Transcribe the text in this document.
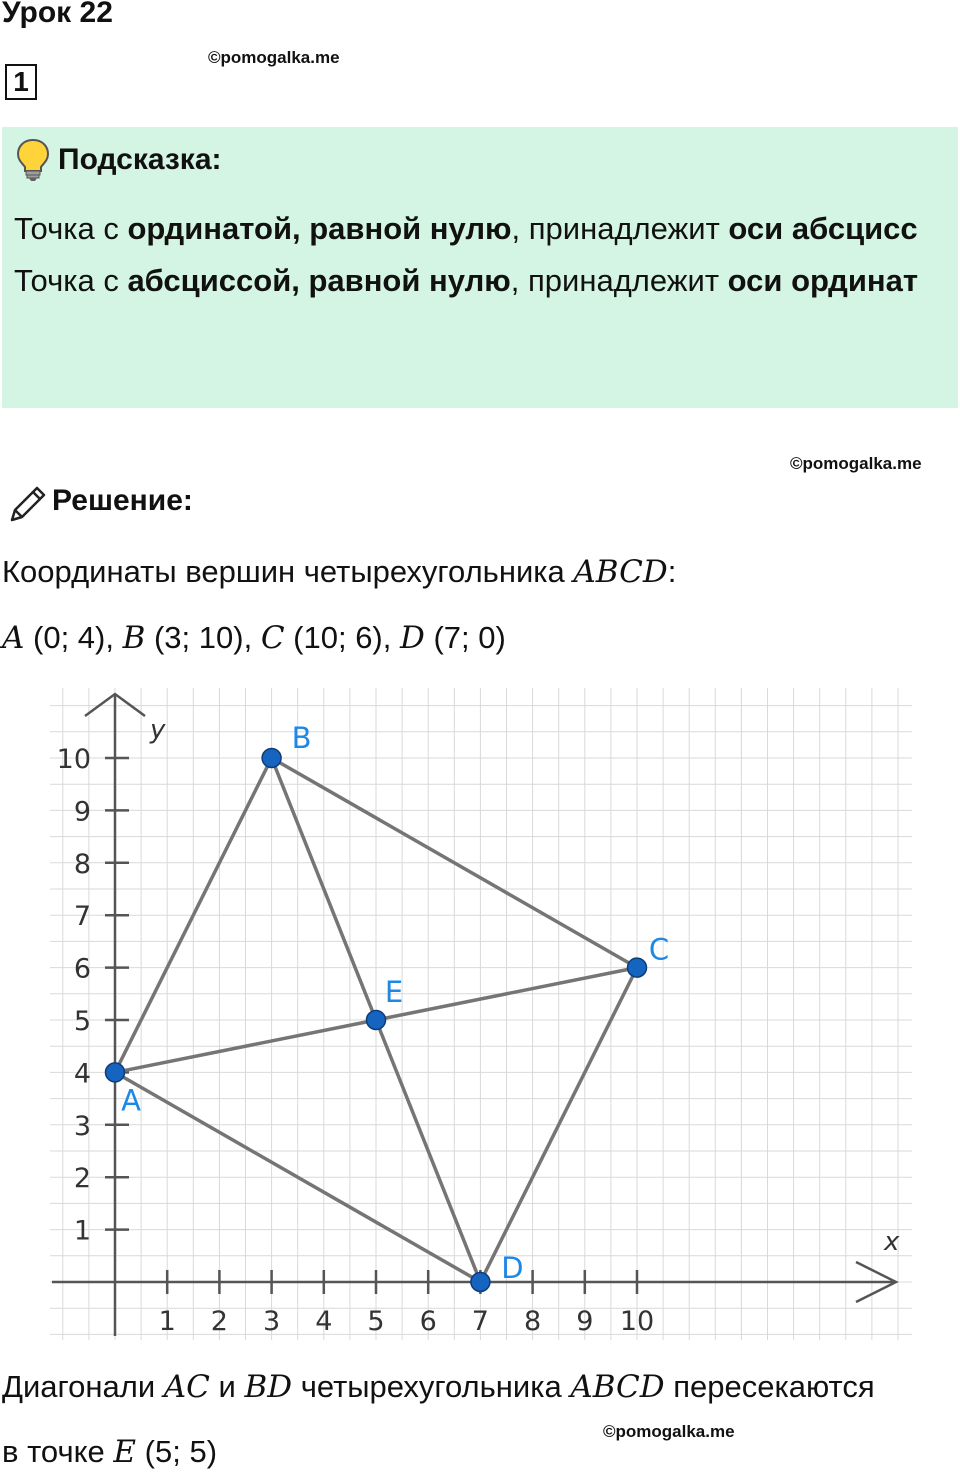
Урок 22
©pomogalka.me
1
Подсказка:

Точка с ординатой, равной нулю, принадлежит оси абсцисс

Точка с абсциссой, равной нулю, принадлежит оси ординат

©pomogalka.me
Решение:
Координаты вершин четырехугольника ABCD:
A (0; 4), B (3; 10), C (10; 6), D (7; 0)
x
y
1 2 3 4 5 6 7 8 9 10
1
2
3
4
5
6
7
8
9
10
A
B
C
D
E
Диагонали AC и BD четырехугольника ABCD пересекаются
©pomogalka.me
в точке E (5; 5)
